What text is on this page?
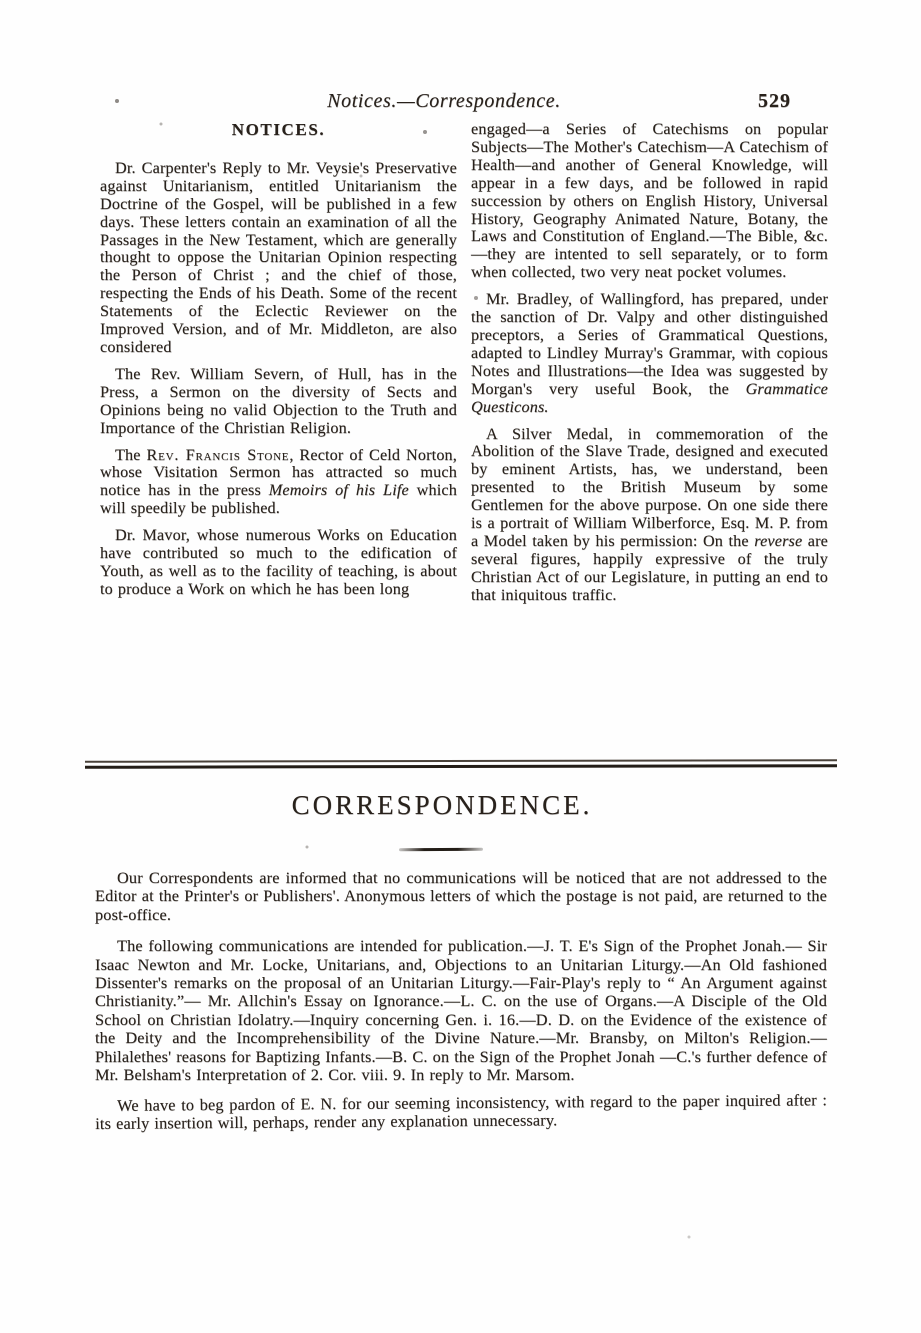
Notices.—Correspondence.	529
NOTICES.

Dr. Carpenter's Reply to Mr. Veysie's Preservative against Unitarianism, entitled Unitarianism the Doctrine of the Gospel, will be published in a few days. These letters contain an examination of all the Passages in the New Testament, which are generally thought to oppose the Unitarian Opinion respecting the Person of Christ ; and the chief of those, respecting the Ends of his Death. Some of the recent Statements of the Eclectic Reviewer on the Improved Version, and of Mr. Middleton, are also considered

The Rev. William Severn, of Hull, has in the Press, a Sermon on the diversity of Sects and Opinions being no valid Objection to the Truth and Importance of the Christian Religion.

The Rev. Francis Stone, Rector of Celd Norton, whose Visitation Sermon has attracted so much notice has in the press Memoirs of his Life which will speedily be published.

Dr. Mavor, whose numerous Works on Education have contributed so much to the edification of Youth, as well as to the facility of teaching, is about to produce a Work on which he has been long

engaged—a Series of Catechisms on popular Subjects—The Mother's Catechism—A Catechism of Health—and another of General Knowledge, will appear in a few days, and be followed in rapid succession by others on English History, Universal History, Geography Animated Nature, Botany, the Laws and Constitution of England.—The Bible, &c.—they are intented to sell separately, or to form when collected, two very neat pocket volumes.

Mr. Bradley, of Wallingford, has prepared, under the sanction of Dr. Valpy and other distinguished preceptors, a Series of Grammatical Questions, adapted to Lindley Murray's Grammar, with copious Notes and Illustrations—the Idea was suggested by Morgan's very useful Book, the Grammatice Questicons.

A Silver Medal, in commemoration of the Abolition of the Slave Trade, designed and executed by eminent Artists, has, we understand, been presented to the British Museum by some Gentlemen for the above purpose. On one side there is a portrait of William Wilberforce, Esq. M. P. from a Model taken by his permission: On the reverse are several figures, happily expressive of the truly Christian Act of our Legislature, in putting an end to that iniquitous traffic.

CORRESPONDENCE.

Our Correspondents are informed that no communications will be noticed that are not addressed to the Editor at the Printer's or Publishers'. Anonymous letters of which the postage is not paid, are returned to the post-office.

The following communications are intended for publication.—J. T. E's Sign of the Prophet Jonah.— Sir Isaac Newton and Mr. Locke, Unitarians, and, Objections to an Unitarian Liturgy.—An Old fashioned Dissenter's remarks on the proposal of an Unitarian Liturgy.—Fair-Play's reply to “ An Argument against Christianity.”— Mr. Allchin's Essay on Ignorance.—L. C. on the use of Organs.—A Disciple of the Old School on Christian Idolatry.—Inquiry concerning Gen. i. 16.—D. D. on the Evidence of the existence of the Deity and the Incomprehensibility of the Divine Nature.—Mr. Bransby, on Milton's Religion.—Philalethes' reasons for Baptizing Infants.—B. C. on the Sign of the Prophet Jonah —C.'s further defence of Mr. Belsham's Interpretation of 2. Cor. viii. 9. In reply to Mr. Marsom.

We have to beg pardon of E. N. for our seeming inconsistency, with regard to the paper inquired after : its early insertion will, perhaps, render any explanation unnecessary.
